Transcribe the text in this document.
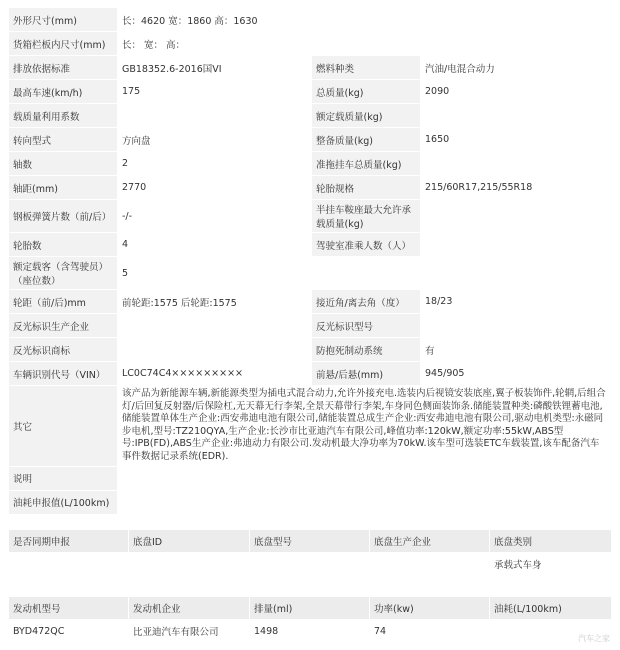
外形尺寸(mm)	长：4620 宽：1860 高：1630		
货箱栏板内尺寸(mm)	长： 宽： 高：		
排放依据标准	GB18352.6-2016国VI	燃料种类	汽油/电混合动力
最高车速(km/h)	175	总质量(kg)	2090
载质量利用系数		额定载质量(kg)	
转向型式	方向盘	整备质量(kg)	1650
轴数	2	准拖挂车总质量(kg)	
轴距(mm)	2770	轮胎规格	215/60R17,215/55R18
钢板弹簧片数（前/后）	-/-	半挂车鞍座最大允许承载质量(kg)	
轮胎数	4	驾驶室准乘人数（人）	
额定载客（含驾驶员）（座位数）	5		
轮距（前/后)mm	前轮距:1575 后轮距:1575	接近角/离去角（度）	18/23
反光标识生产企业		反光标识型号	
反光标识商标		防抱死制动系统	有
车辆识别代号（VIN）	LC0C74C4×××××××××	前悬/后悬(mm)	945/905
其它	该产品为新能源车辆,新能源类型为插电式混合动力,允许外接充电.选装内后视镜安装底座,翼子板装饰件,轮辋,后组合灯/后回复反射器/后保险杠,无天幕无行李架,全景天幕带行李架,车身同色侧面装饰条.储能装置种类:磷酸铁锂蓄电池,储能装置单体生产企业:西安弗迪电池有限公司,储能装置总成生产企业:西安弗迪电池有限公司,驱动电机类型:永磁同步电机,型号:TZ210QYA,生产企业:长沙市比亚迪汽车有限公司,峰值功率:120kW,额定功率:55kW,ABS型号:IPB(FD),ABS生产企业:弗迪动力有限公司.发动机最大净功率为70kW.该车型可选装ETC车载装置,该车配备汽车事件数据记录系统(EDR).		
说明			
油耗申报值(L/100km)			
是否同期申报	底盘ID	底盘型号	底盘生产企业	底盘类别
				承载式车身
发动机型号	发动机企业	排量(ml)	功率(kw)	油耗(L/100km)
BYD472QC	比亚迪汽车有限公司	1498	74	
汽车之家
